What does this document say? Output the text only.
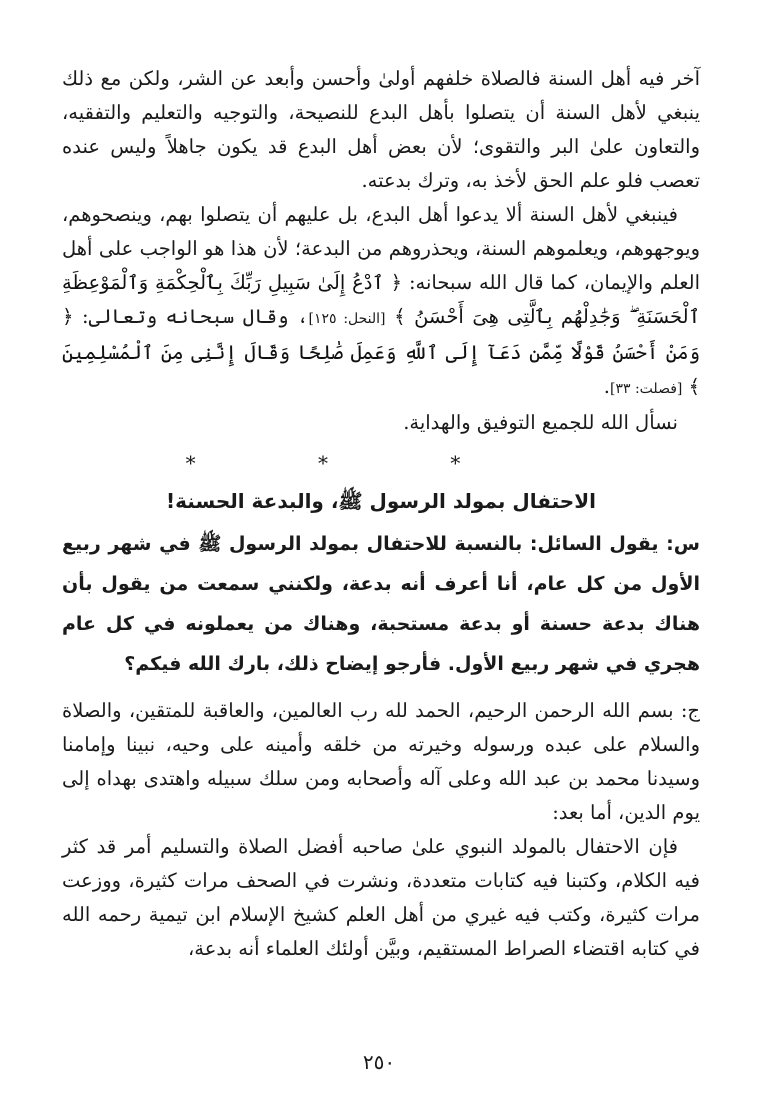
آخر فيه أهل السنة فالصلاة خلفهم أولىٰ وأحسن وأبعد عن الشر، ولكن مع ذلك ينبغي لأهل السنة أن يتصلوا بأهل البدع للنصيحة، والتوجيه والتعليم والتفقيه، والتعاون علىٰ البر والتقوى؛ لأن بعض أهل البدع قد يكون جاهلاً وليس عنده تعصب فلو علم الحق لأخذ به، وترك بدعته.

فينبغي لأهل السنة ألا يدعوا أهل البدع، بل عليهم أن يتصلوا بهم، وينصحوهم، ويوجهوهم، ويعلموهم السنة، ويحذروهم من البدعة؛ لأن هذا هو الواجب على أهل العلم والإيمان، كما قال الله سبحانه: ﴿ ٱدْعُ إِلَىٰ سَبِيلِ رَبِّكَ بِٱلْحِكْمَةِ وَٱلْمَوْعِظَةِ ٱلْحَسَنَةِ ۖ وَجَٰدِلْهُم بِٱلَّتِى هِىَ أَحْسَنُ ﴾ [النحل: ١٢٥]، وقال سبحانه وتعالى: ﴿ وَمَنْ أَحْسَنُ قَوْلًا مِّمَّن دَعَآ إِلَى ٱللَّهِ وَعَمِلَ صَٰلِحًا وَقَالَ إِنَّنِى مِنَ ٱلْمُسْلِمِينَ ﴾ [فصلت: ٣٣].

نسأل الله للجميع التوفيق والهداية.

* * *
الاحتفال بمولد الرسول ﷺ، والبدعة الحسنة!

س: يقول السائل: بالنسبة للاحتفال بمولد الرسول ﷺ في شهر ربيع الأول من كل عام، أنا أعرف أنه بدعة، ولكنني سمعت من يقول بأن هناك بدعة حسنة أو بدعة مستحبة، وهناك من يعملونه في كل عام هجري في شهر ربيع الأول. فأرجو إيضاح ذلك، بارك الله فيكم؟

ج: بسم الله الرحمن الرحيم، الحمد لله رب العالمين، والعاقبة للمتقين، والصلاة والسلام على عبده ورسوله وخيرته من خلقه وأمينه على وحيه، نبينا وإمامنا وسيدنا محمد بن عبد الله وعلى آله وأصحابه ومن سلك سبيله واهتدى بهداه إلى يوم الدين، أما بعد:

فإن الاحتفال بالمولد النبوي علىٰ صاحبه أفضل الصلاة والتسليم أمر قد كثر فيه الكلام، وكتبنا فيه كتابات متعددة، ونشرت في الصحف مرات كثيرة، ووزعت مرات كثيرة، وكتب فيه غيري من أهل العلم كشيخ الإسلام ابن تيمية رحمه الله في كتابه اقتضاء الصراط المستقيم، وبيَّن أولئك العلماء أنه بدعة،

٢٥٠
